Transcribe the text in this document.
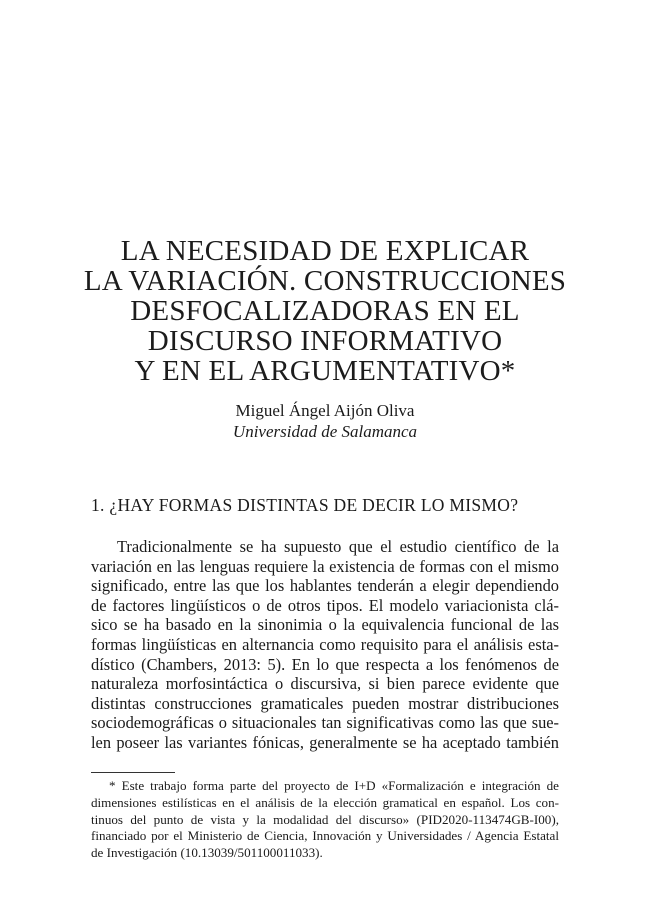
LA NECESIDAD DE EXPLICAR
LA VARIACIÓN. CONSTRUCCIONES
DESFOCALIZADORAS EN EL
DISCURSO INFORMATIVO
Y EN EL ARGUMENTATIVO*
Miguel Ángel Aijón Oliva
Universidad de Salamanca
1. ¿HAY FORMAS DISTINTAS DE DECIR LO MISMO?
Tradicionalmente se ha supuesto que el estudio científico de la
variación en las lenguas requiere la existencia de formas con el mismo
significado, entre las que los hablantes tenderán a elegir dependiendo
de factores lingüísticos o de otros tipos. El modelo variacionista clá-
sico se ha basado en la sinonimia o la equivalencia funcional de las
formas lingüísticas en alternancia como requisito para el análisis esta-
dístico (Chambers, 2013: 5). En lo que respecta a los fenómenos de
naturaleza morfosintáctica o discursiva, si bien parece evidente que
distintas construcciones gramaticales pueden mostrar distribuciones
sociodemográficas o situacionales tan significativas como las que sue-
len poseer las variantes fónicas, generalmente se ha aceptado también
* Este trabajo forma parte del proyecto de I+D «Formalización e integración de
dimensiones estilísticas en el análisis de la elección gramatical en español. Los con-
tinuos del punto de vista y la modalidad del discurso» (PID2020-113474GB-I00),
financiado por el Ministerio de Ciencia, Innovación y Universidades / Agencia Estatal
de Investigación (10.13039/501100011033).
